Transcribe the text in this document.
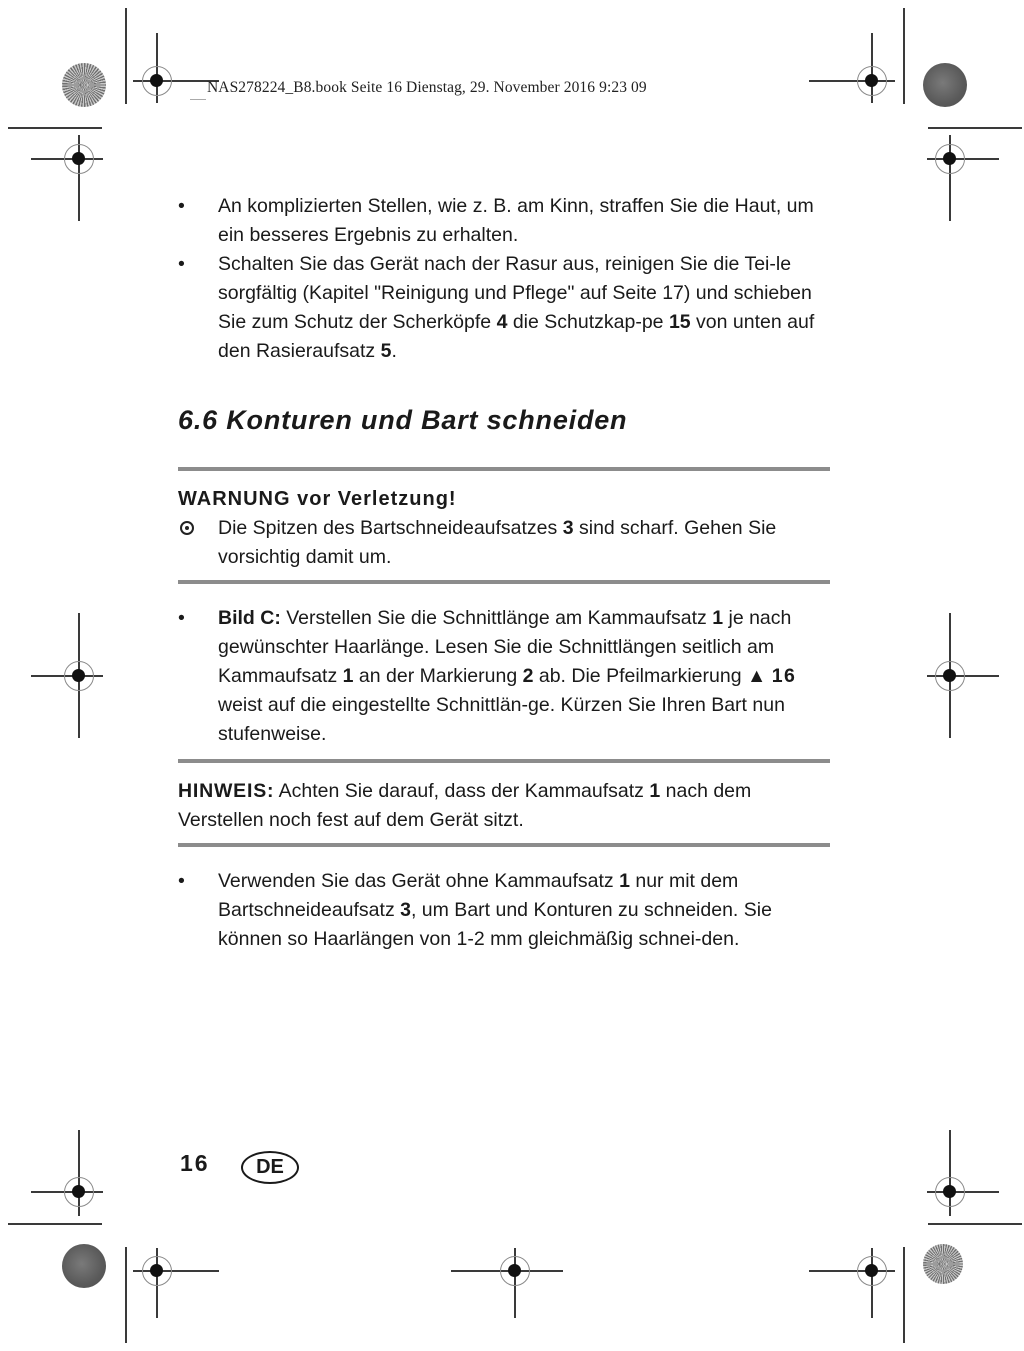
NAS278224_B8.book Seite 16 Dienstag, 29. November 2016 9:23 09
•	An komplizierten Stellen, wie z. B. am Kinn, straffen Sie die Haut, um ein besseres Ergebnis zu erhalten.
•	Schalten Sie das Gerät nach der Rasur aus, reinigen Sie die Tei-le sorgfältig (Kapitel "Reinigung und Pflege" auf Seite 17) und schieben Sie zum Schutz der Scherköpfe 4 die Schutzkap-pe 15 von unten auf den Rasieraufsatz 5.
6.6 Konturen und Bart schneiden
WARNUNG vor Verletzung!
Die Spitzen des Bartschneideaufsatzes 3 sind scharf. Gehen Sie vorsichtig damit um.
•	Bild C: Verstellen Sie die Schnittlänge am Kammaufsatz 1 je nach gewünschter Haarlänge. Lesen Sie die Schnittlängen seitlich am Kammaufsatz 1 an der Markierung 2 ab. Die Pfeilmarkierung ▲ 16 weist auf die eingestellte Schnittlän-ge. Kürzen Sie Ihren Bart nun stufenweise.
HINWEIS: Achten Sie darauf, dass der Kammaufsatz 1 nach dem Verstellen noch fest auf dem Gerät sitzt.
•	Verwenden Sie das Gerät ohne Kammaufsatz 1 nur mit dem Bartschneideaufsatz 3, um Bart und Konturen zu schneiden. Sie können so Haarlängen von 1-2 mm gleichmäßig schnei-den.
16 DE
